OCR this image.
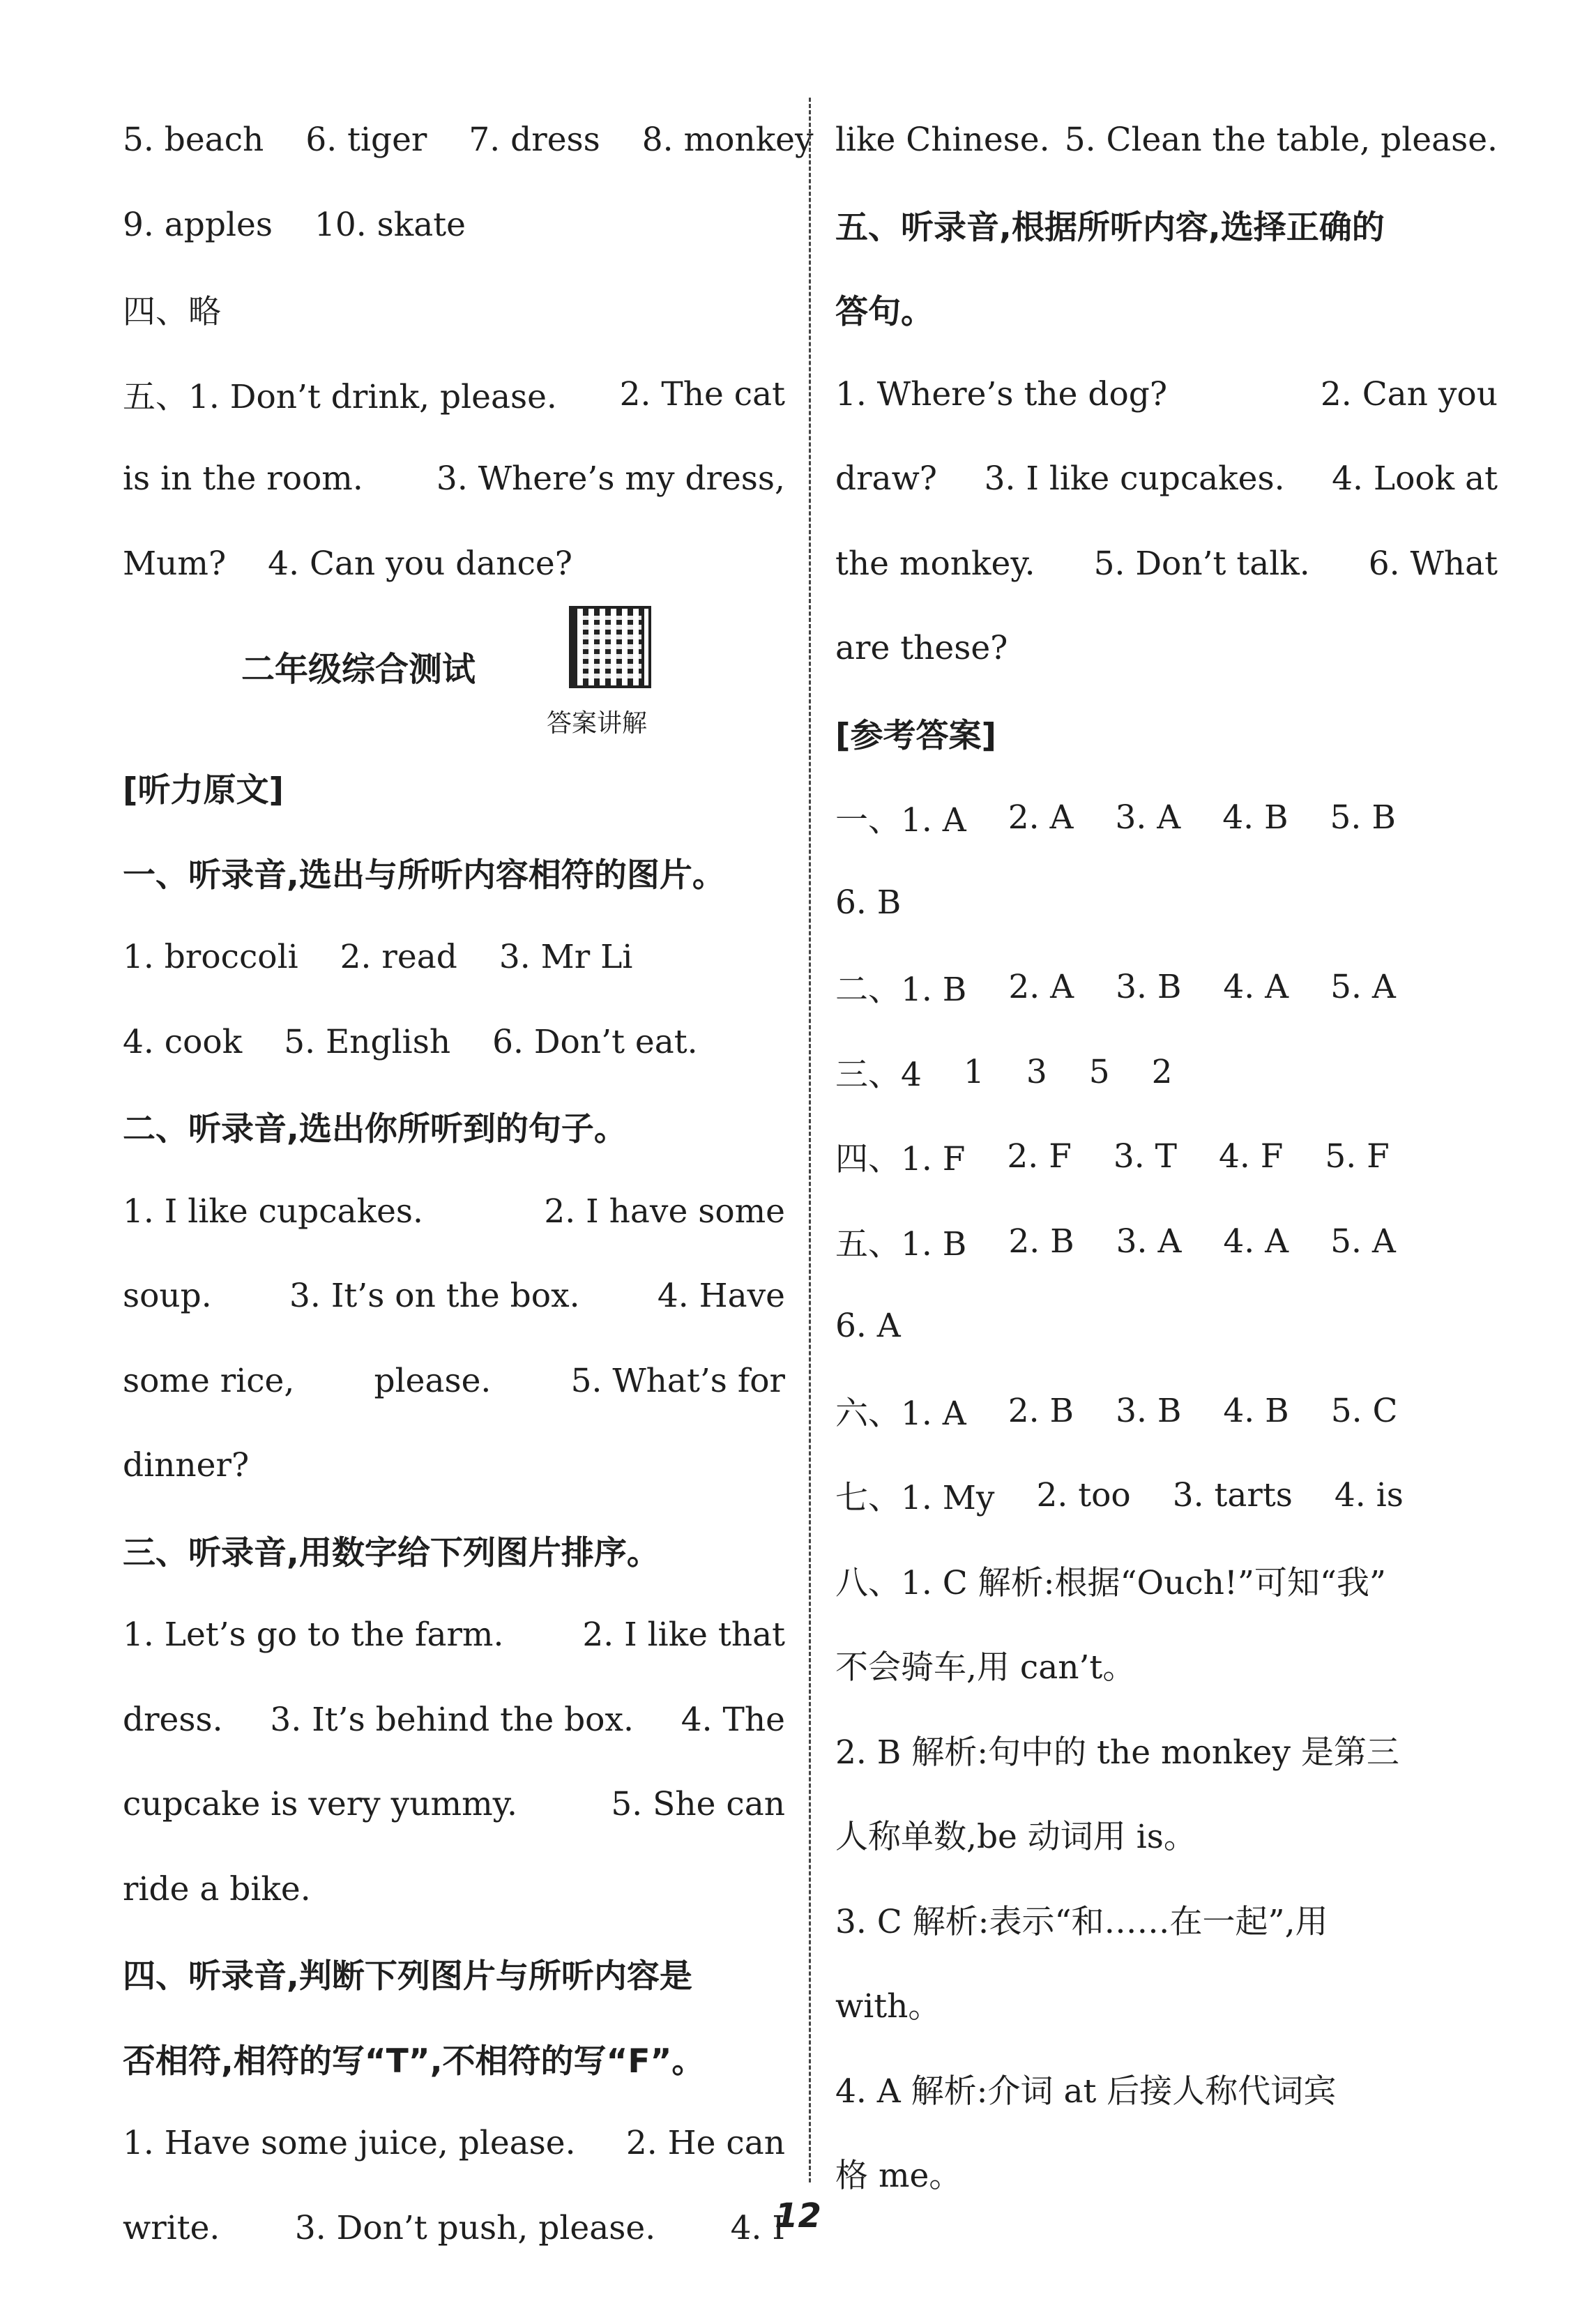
5. beach 6. tiger 7. dress 8. monkey
9. apples 10. skate
四、略
五、1. Don’t drink, please. 2. The cat
is in the room. 3. Where’s my dress,
Mum? 4. Can you dance?
二年级综合测试
答案讲解
[听力原文]
一、听录音,选出与所听内容相符的图片。
1. broccoli 2. read 3. Mr Li
4. cook 5. English 6. Don’t eat.
二、听录音,选出你所听到的句子。
1. I like cupcakes.	2. I have some
soup. 3. It’s on the box. 4. Have
some rice, please. 5. What’s for
dinner?
三、听录音,用数字给下列图片排序。
1. Let’s go to the farm. 2. I like that
dress. 3. It’s behind the box. 4. The
cupcake is very yummy.	5. She can
ride a bike.
四、听录音,判断下列图片与所听内容是
否相符,相符的写“T”,不相符的写“F”。
1. Have some juice, please. 2. He can
write. 3. Don’t push, please. 4. I
like Chinese. 5. Clean the table, please.
五、听录音,根据所听内容,选择正确的
答句。
1. Where’s the dog?	2. Can you
draw? 3. I like cupcakes. 4. Look at
the monkey. 5. Don’t talk. 6. What
are these?
[参考答案]
一、1. A 2. A 3. A 4. B 5. B
6. B
二、1. B 2. A 3. B 4. A 5. A
三、4 1 3 5 2
四、1. F 2. F 3. T 4. F 5. F
五、1. B 2. B 3. A 4. A 5. A
6. A
六、1. A 2. B 3. B 4. B 5. C
七、1. My 2. too 3. tarts 4. is
八、1. C 解析:根据“Ouch!”可知“我”
不会骑车,用 can’t。
2. B 解析:句中的 the monkey 是第三
人称单数,be 动词用 is。
3. C 解析:表示“和……在一起”,用
with。
4. A 解析:介词 at 后接人称代词宾
格 me。
12
